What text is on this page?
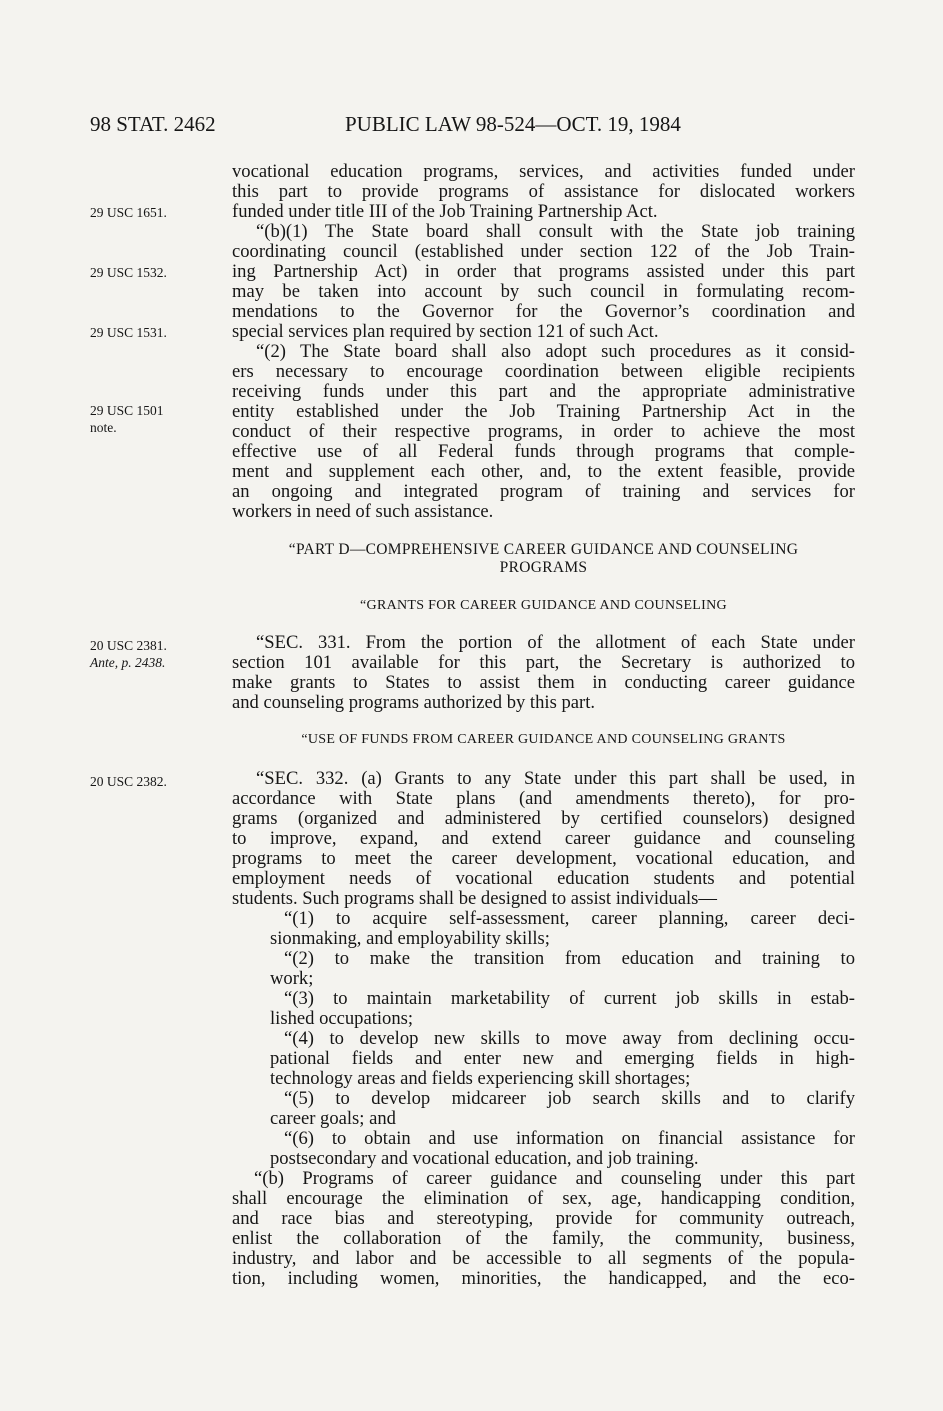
98 STAT. 2462	PUBLIC LAW 98-524—OCT. 19, 1984
29 USC 1651.
29 USC 1532.
29 USC 1531.
29 USC 1501
note.
20 USC 2381.
Ante, p. 2438.
20 USC 2382.
vocational education programs, services, and activities funded under
this part to provide programs of assistance for dislocated workers
funded under title III of the Job Training Partnership Act.
“(b)(1) The State board shall consult with the State job training
coordinating council (established under section 122 of the Job Train-
ing Partnership Act) in order that programs assisted under this part
may be taken into account by such council in formulating recom-
mendations to the Governor for the Governor’s coordination and
special services plan required by section 121 of such Act.
“(2) The State board shall also adopt such procedures as it consid-
ers necessary to encourage coordination between eligible recipients
receiving funds under this part and the appropriate administrative
entity established under the Job Training Partnership Act in the
conduct of their respective programs, in order to achieve the most
effective use of all Federal funds through programs that comple-
ment and supplement each other, and, to the extent feasible, provide
an ongoing and integrated program of training and services for
workers in need of such assistance.
“PART D—COMPREHENSIVE CAREER GUIDANCE AND COUNSELING
PROGRAMS
“GRANTS FOR CAREER GUIDANCE AND COUNSELING
“SEC. 331. From the portion of the allotment of each State under
section 101 available for this part, the Secretary is authorized to
make grants to States to assist them in conducting career guidance
and counseling programs authorized by this part.
“USE OF FUNDS FROM CAREER GUIDANCE AND COUNSELING GRANTS
“SEC. 332. (a) Grants to any State under this part shall be used, in
accordance with State plans (and amendments thereto), for pro-
grams (organized and administered by certified counselors) designed
to improve, expand, and extend career guidance and counseling
programs to meet the career development, vocational education, and
employment needs of vocational education students and potential
students. Such programs shall be designed to assist individuals—
“(1) to acquire self-assessment, career planning, career deci-
sionmaking, and employability skills;
“(2) to make the transition from education and training to
work;
“(3) to maintain marketability of current job skills in estab-
lished occupations;
“(4) to develop new skills to move away from declining occu-
pational fields and enter new and emerging fields in high-
technology areas and fields experiencing skill shortages;
“(5) to develop midcareer job search skills and to clarify
career goals; and
“(6) to obtain and use information on financial assistance for
postsecondary and vocational education, and job training.
“(b) Programs of career guidance and counseling under this part
shall encourage the elimination of sex, age, handicapping condition,
and race bias and stereotyping, provide for community outreach,
enlist the collaboration of the family, the community, business,
industry, and labor and be accessible to all segments of the popula-
tion, including women, minorities, the handicapped, and the eco-
